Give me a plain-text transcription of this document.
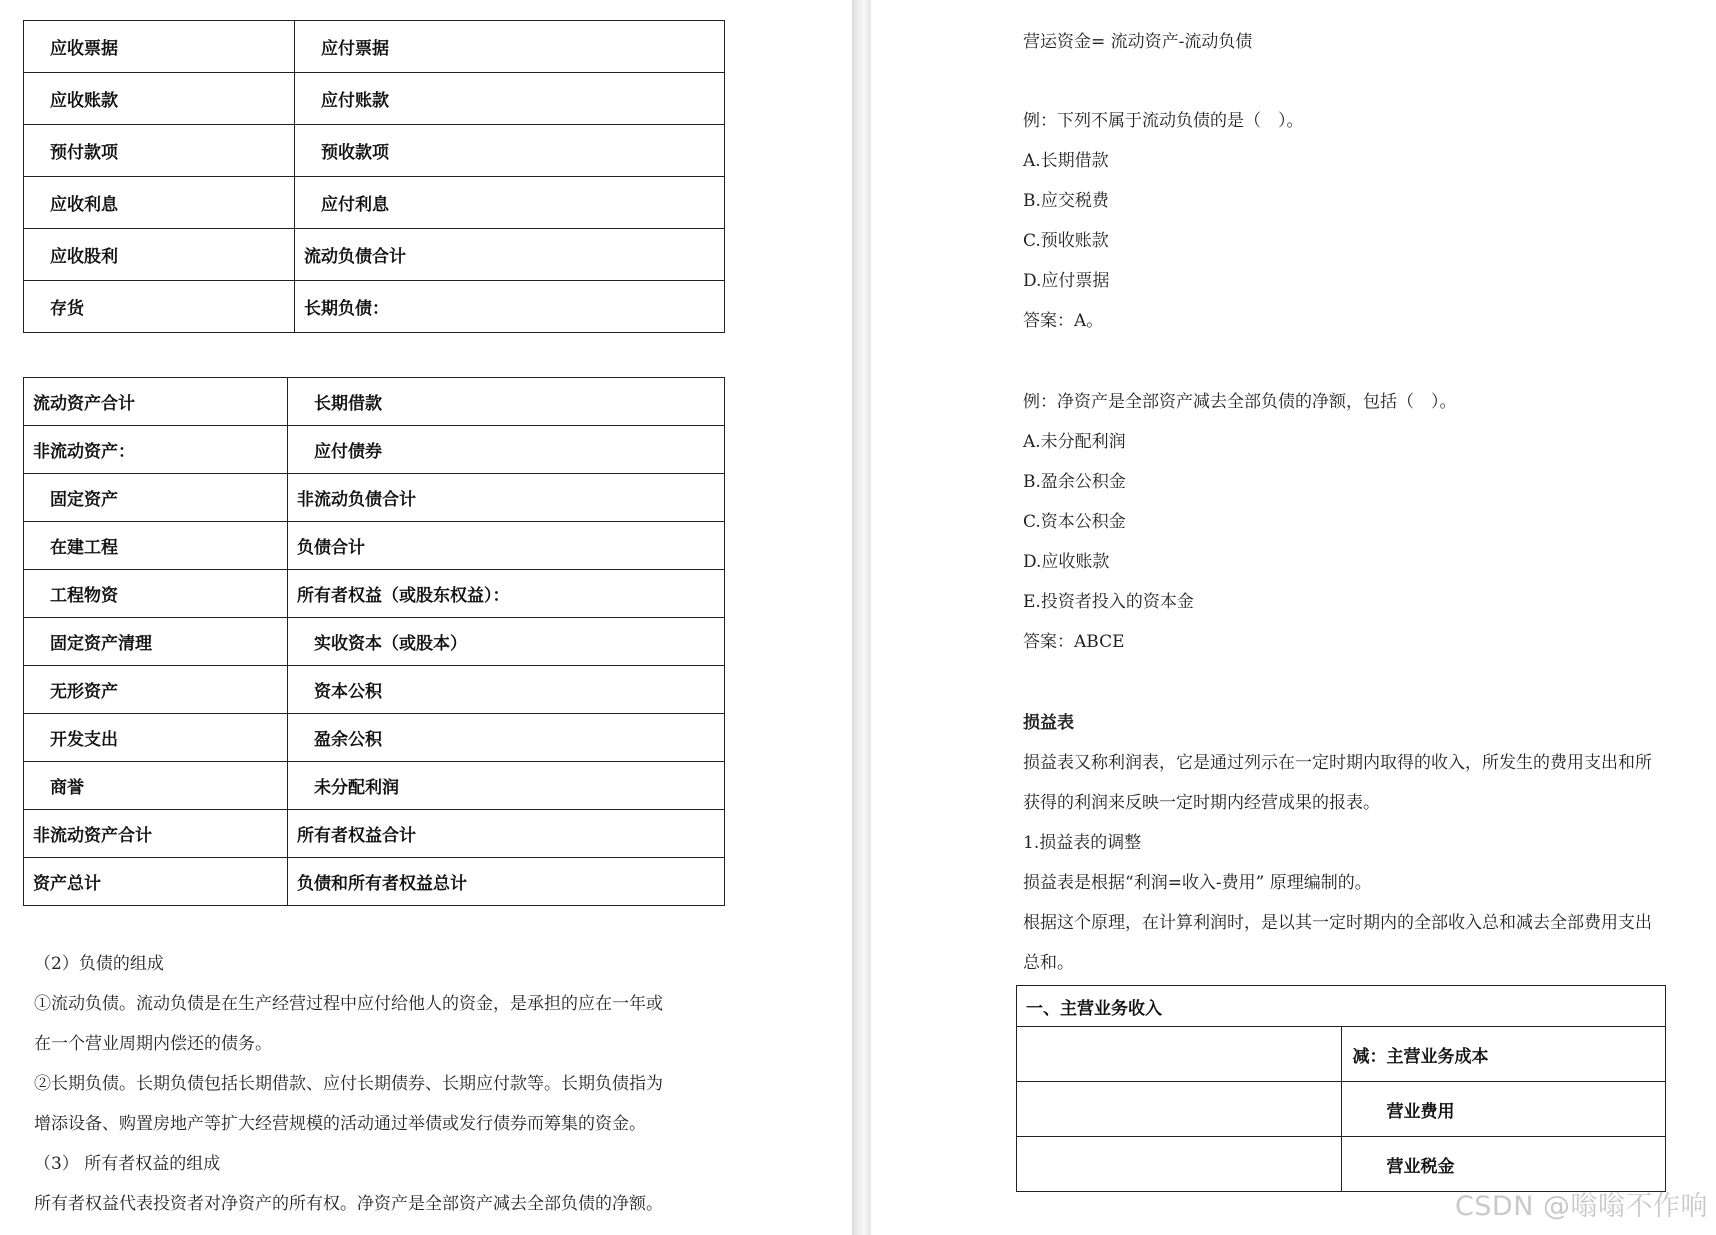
应收票据	应付票据
应收账款	应付账款
预付款项	预收款项
应收利息	应付利息
应收股利	流动负债合计
存货	长期负债：
流动资产合计	长期借款
非流动资产：	应付债券
固定资产	非流动负债合计
在建工程	负债合计
工程物资	所有者权益（或股东权益）：
固定资产清理	实收资本（或股本）
无形资产	资本公积
开发支出	盈余公积
商誉	未分配利润
非流动资产合计	所有者权益合计
资产总计	负债和所有者权益总计

（2）负债的组成

①流动负债。流动负债是在生产经营过程中应付给他人的资金，是承担的应在一年或

在一个营业周期内偿还的债务。

②长期负债。长期负债包括长期借款、应付长期债券、长期应付款等。长期负债指为

增添设备、购置房地产等扩大经营规模的活动通过举债或发行债券而筹集的资金。

（3） 所有者权益的组成

所有者权益代表投资者对净资产的所有权。净资产是全部资产减去全部负债的净额。

营运资金= 流动资产-流动负债

例：下列不属于流动负债的是（　）。

A.长期借款

B.应交税费

C.预收账款

D.应付票据

答案：A。

例：净资产是全部资产减去全部负债的净额，包括（　）。

A.未分配利润

B.盈余公积金

C.资本公积金

D.应收账款

E.投资者投入的资本金

答案：ABCE

损益表

损益表又称利润表，它是通过列示在一定时期内取得的收入，所发生的费用支出和所

获得的利润来反映一定时期内经营成果的报表。

1.损益表的调整

损益表是根据“利润=收入-费用” 原理编制的。

根据这个原理，在计算利润时，是以其一定时期内的全部收入总和减去全部费用支出

总和。

一、主营业务收入	
	减：主营业务成本
	营业费用
	营业税金
CSDN @嗡嗡不作响
